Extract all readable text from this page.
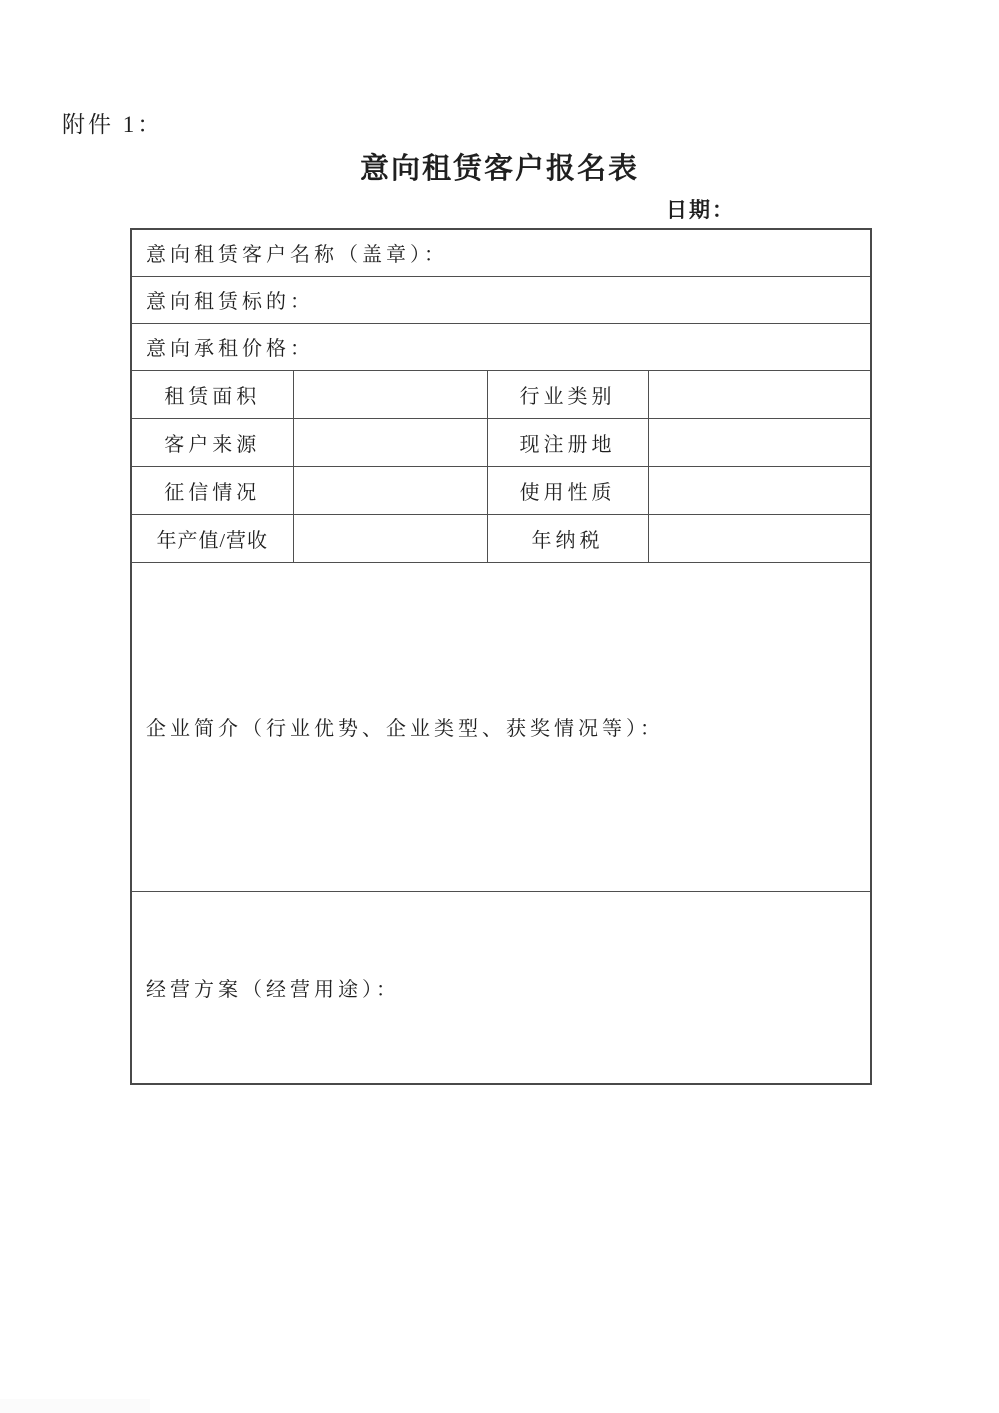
附件 1：
意向租赁客户报名表
日期：
意向租赁客户名称（盖章）：			
意向租赁标的：			
意向承租价格：			
租赁面积		行业类别	
客户来源		现注册地	
征信情况		使用性质	
年产值/营收		年纳税	
企业简介（行业优势、企业类型、获奖情况等）：			
经营方案（经营用途）：			
